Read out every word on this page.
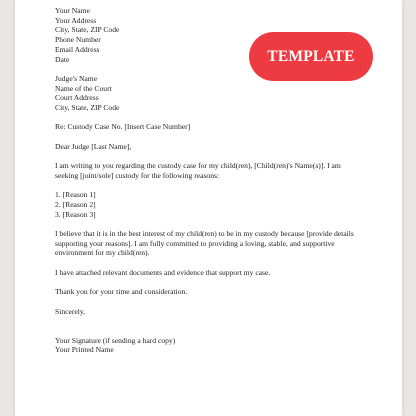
Your Name
Your Address
City, State, ZIP Code
Phone Number
Email Address
Date
Judge's Name
Name of the Court
Court Address
City, State, ZIP Code
Re: Custody Case No. [Insert Case Number]
Dear Judge [Last Name],
I am writing to you regarding the custody case for my child(ren), [Child(ren)'s Name(s)]. I am
seeking [joint/sole] custody for the following reasons:
1. [Reason 1]
2. [Reason 2]
3. [Reason 3]
I believe that it is in the best interest of my child(ren) to be in my custody because [provide details
supporting your reasons]. I am fully committed to providing a loving, stable, and supportive
environment for my child(ren).
I have attached relevant documents and evidence that support my case.
Thank you for your time and consideration.
Sincerely,
Your Signature (if sending a hard copy)
Your Printed Name
TEMPLATE
